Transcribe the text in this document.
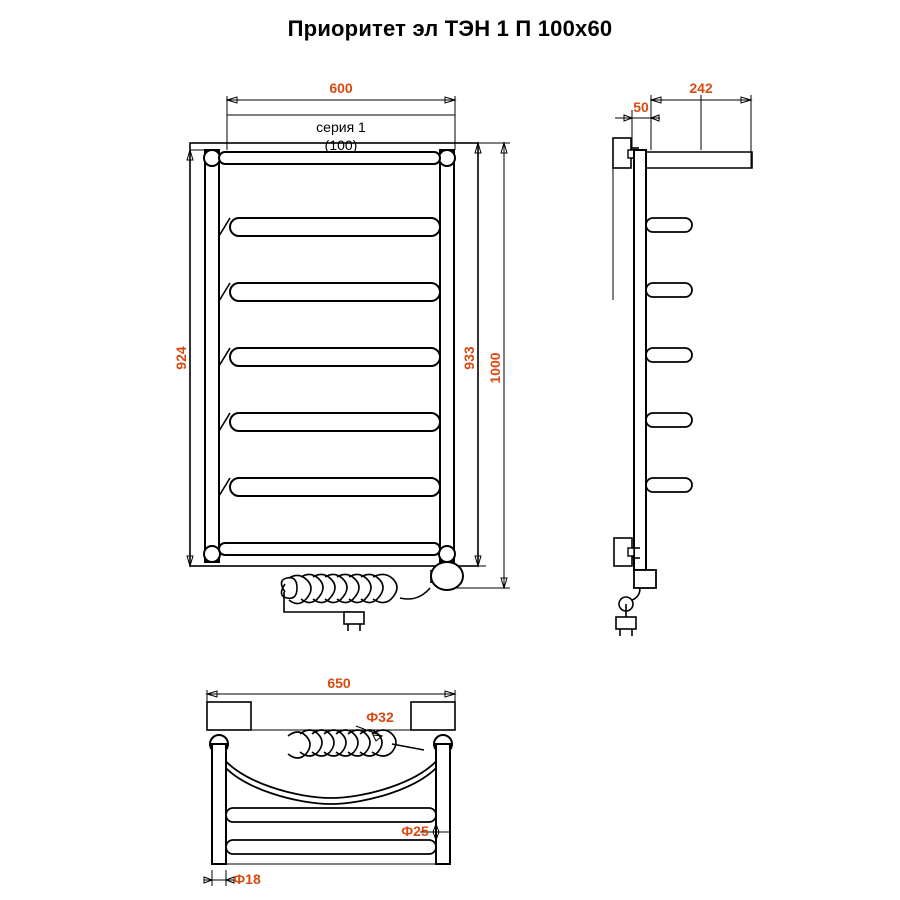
Приоритет эл ТЭН 1 П 100х60
600
серия 1
(100)
924	933 1000
242
50
Ф32
Ф25
Ф18
650
